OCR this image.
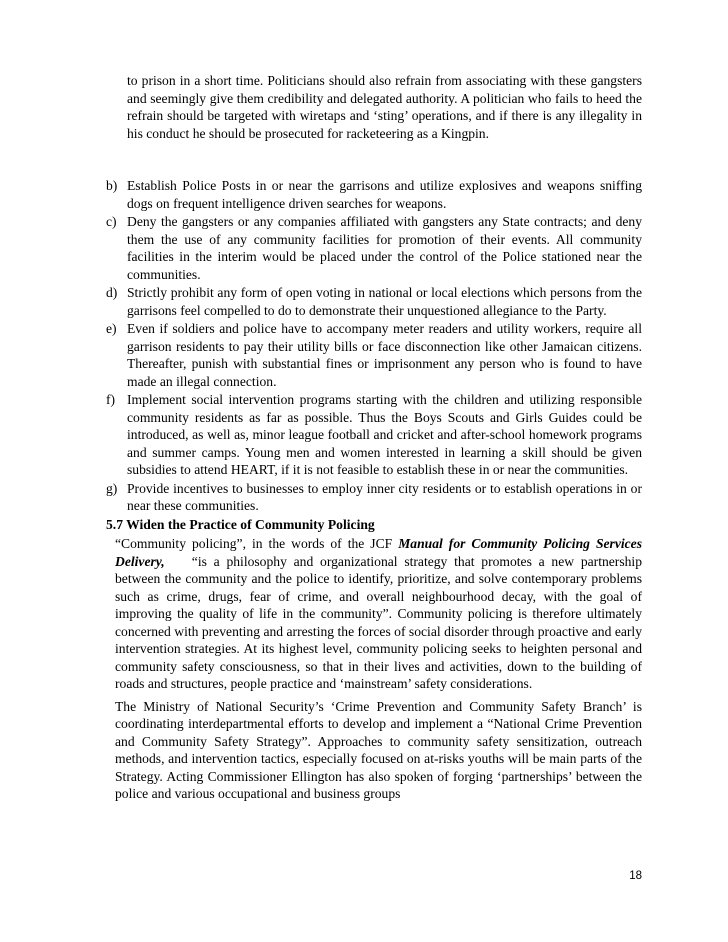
to prison in a short time. Politicians should also refrain from associating with these gangsters and seemingly give them credibility and delegated authority. A politician who fails to heed the refrain should be targeted with wiretaps and ‘sting’ operations, and if there is any illegality in his conduct he should be prosecuted for racketeering as a Kingpin.

b) Establish Police Posts in or near the garrisons and utilize explosives and weapons sniffing dogs on frequent intelligence driven searches for weapons.
c) Deny the gangsters or any companies affiliated with gangsters any State contracts; and deny them the use of any community facilities for promotion of their events. All community facilities in the interim would be placed under the control of the Police stationed near the communities.
d) Strictly prohibit any form of open voting in national or local elections which persons from the garrisons feel compelled to do to demonstrate their unquestioned allegiance to the Party.
e) Even if soldiers and police have to accompany meter readers and utility workers, require all garrison residents to pay their utility bills or face disconnection like other Jamaican citizens. Thereafter, punish with substantial fines or imprisonment any person who is found to have made an illegal connection.
f) Implement social intervention programs starting with the children and utilizing responsible community residents as far as possible. Thus the Boys Scouts and Girls Guides could be introduced, as well as, minor league football and cricket and after-school homework programs and summer camps. Young men and women interested in learning a skill should be given subsidies to attend HEART, if it is not feasible to establish these in or near the communities.
g) Provide incentives to businesses to employ inner city residents or to establish operations in or near these communities.
5.7 Widen the Practice of Community Policing

“Community policing”, in the words of the JCF Manual for Community Policing Services Delivery,    “is a philosophy and organizational strategy that promotes a new partnership between the community and the police to identify, prioritize, and solve contemporary problems such as crime, drugs, fear of crime, and overall neighbourhood decay, with the goal of improving the quality of life in the community”. Community policing is therefore ultimately concerned with preventing and arresting the forces of social disorder through proactive and early intervention strategies. At its highest level, community policing seeks to heighten personal and community safety consciousness, so that in their lives and activities, down to the building of roads and structures, people practice and ‘mainstream’ safety considerations.

The Ministry of National Security’s ‘Crime Prevention and Community Safety Branch’ is coordinating interdepartmental efforts to develop and implement a “National Crime Prevention and Community Safety Strategy”. Approaches to community safety sensitization, outreach methods, and intervention tactics, especially focused on at-risks youths will be main parts of the Strategy. Acting Commissioner Ellington has also spoken of forging ‘partnerships’ between the police and various occupational and business groups

18
